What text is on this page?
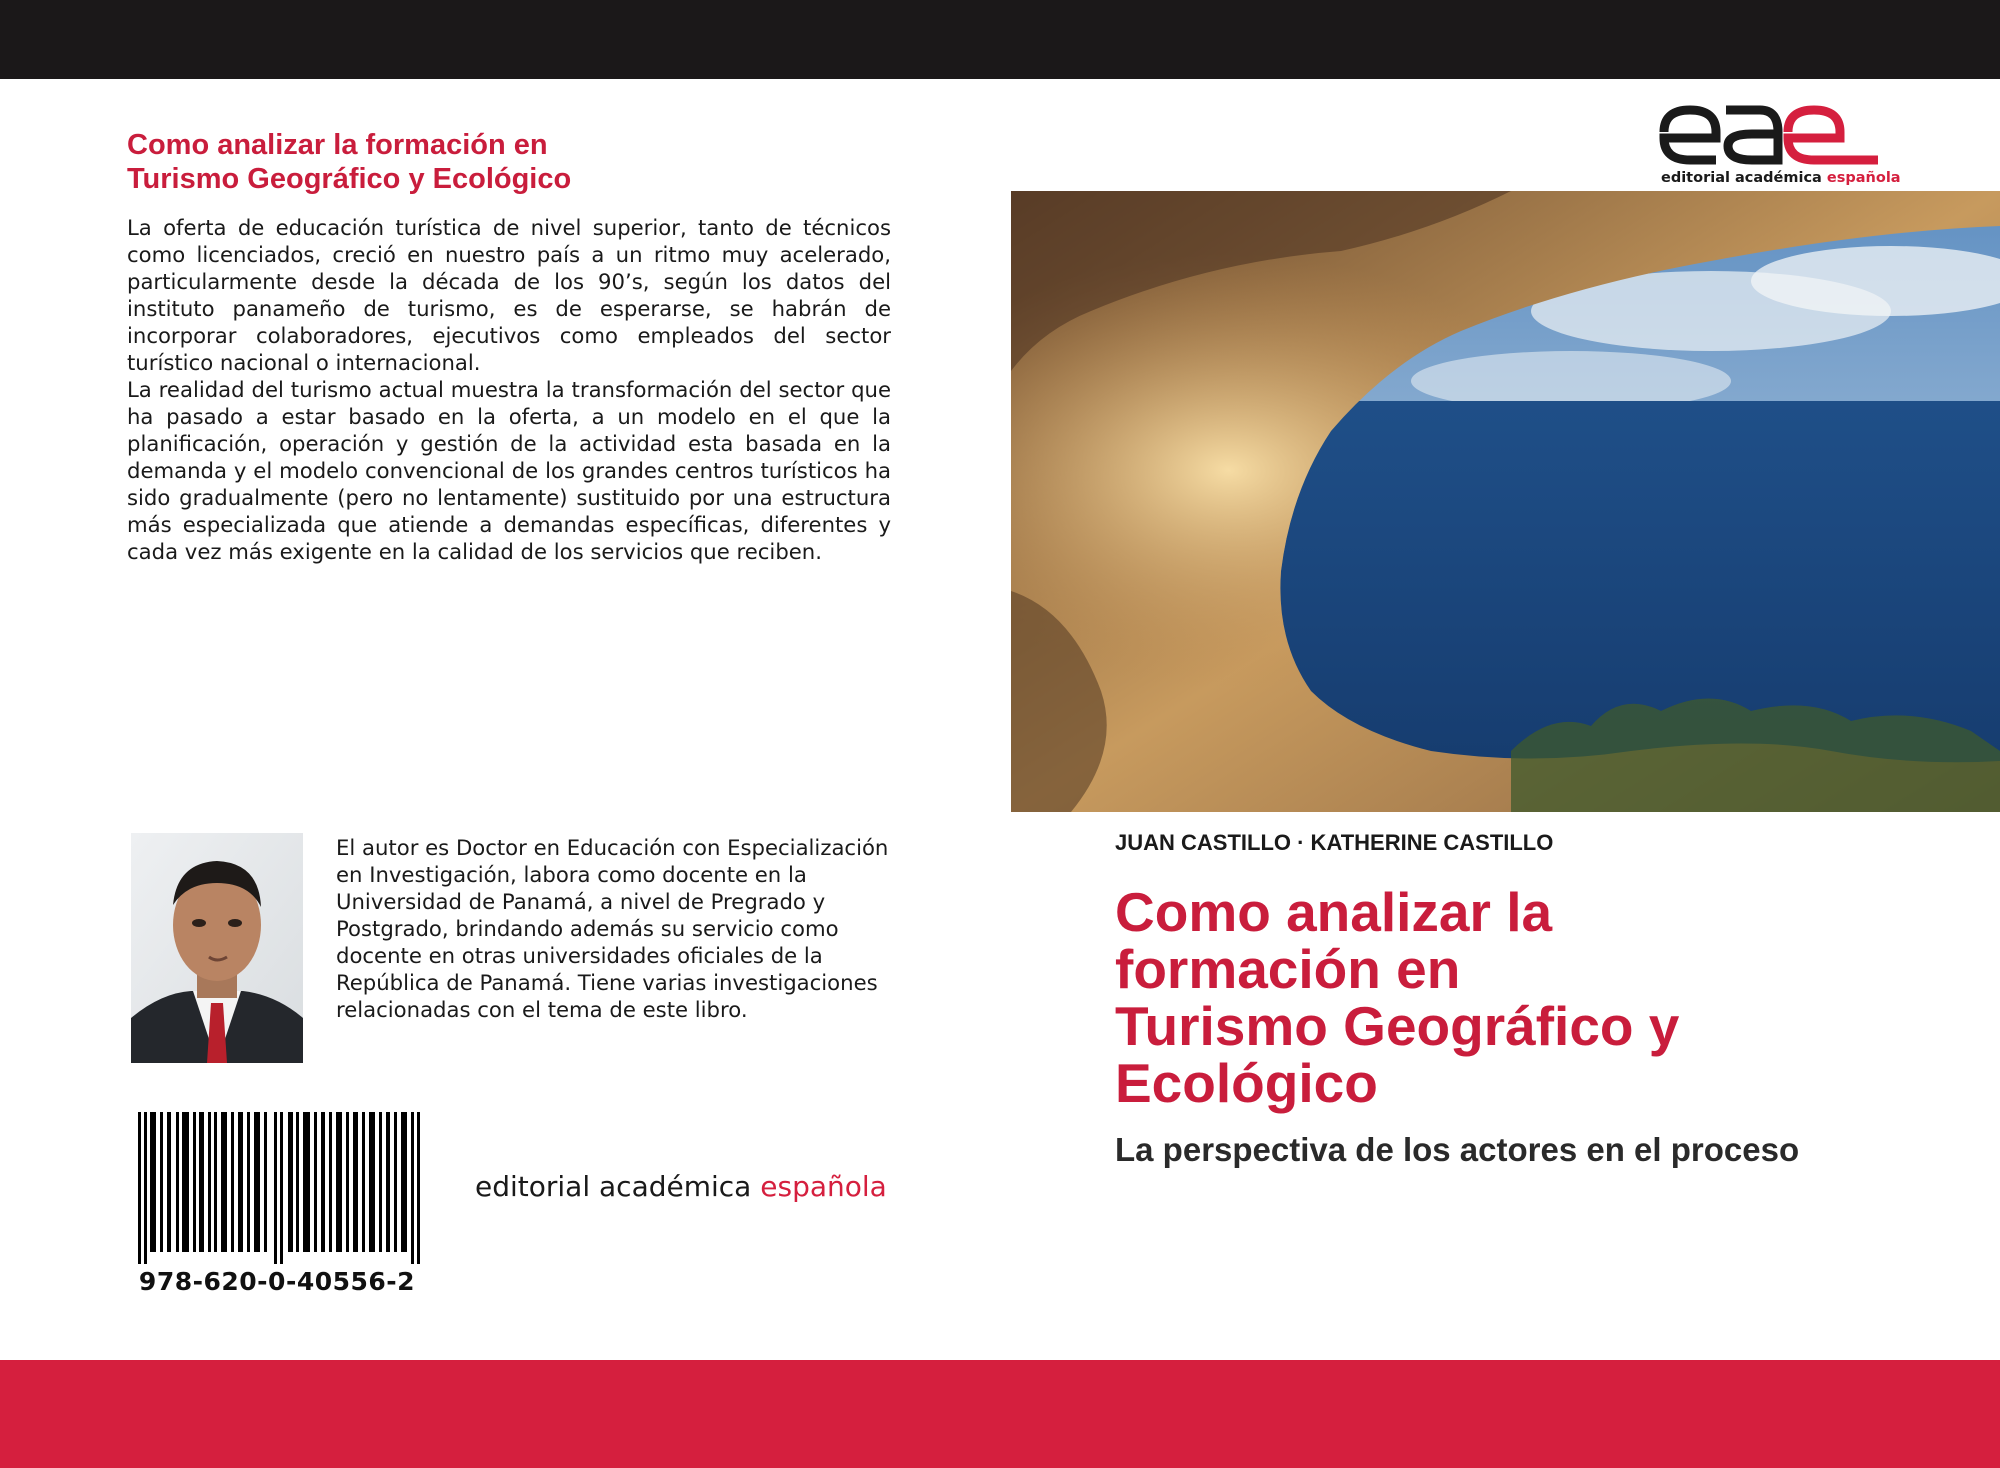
Como analizar la formación en
Turismo Geográfico y Ecológico

La oferta de educación turística de nivel superior, tanto de técnicos como licenciados, creció en nuestro país a un ritmo muy acelerado, particularmente desde la década de los 90’s, según los datos del instituto panameño de turismo, es de esperarse, se habrán de incorporar colaboradores, ejecutivos como empleados del sector turístico nacional o internacional.

La realidad del turismo actual muestra la transformación del sector que ha pasado a estar basado en la oferta, a un modelo en el que la planificación, operación y gestión de la actividad esta basada en la demanda y el modelo convencional de los grandes centros turísticos ha sido gradualmente (pero no lentamente) sustituido por una estructura más especializada que atiende a demandas específicas, diferentes y cada vez más exigente en la calidad de los servicios que reciben.

El autor es Doctor en Educación con Especialización en Investigación, labora como docente en la Universidad de Panamá, a nivel de Pregrado y Postgrado, brindando además su servicio como docente en otras universidades oficiales de la República de Panamá. Tiene varias investigaciones relacionadas con el tema de este libro.
978-620-0-40556-2
editorial académica española
editorial académica española
JUAN CASTILLO · KATHERINE CASTILLO
Como analizar la
formación en
Turismo Geográfico y
Ecológico
La perspectiva de los actores en el proceso
